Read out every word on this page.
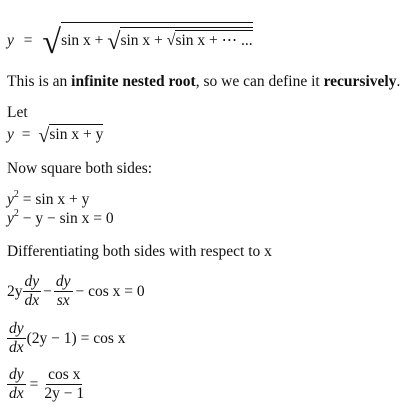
y = √sin x + √sin x + √sin x + ⋯ ...
This is an infinite nested root, so we can define it recursively.
Let
y = √sin x + y
Now square both sides:
$y^2 = \sin x + y$
$y^2 - y - \sin x = 0$
Differentiating both sides with respect to x
$2y \frac{dy}{dx} - \frac{dy}{sx} - \cos x = 0$
$\frac{dy}{dx} (2y - 1) = \cos x$
$\frac{dy}{dx} = \frac{\text{cos x}}{2y - 1}$
